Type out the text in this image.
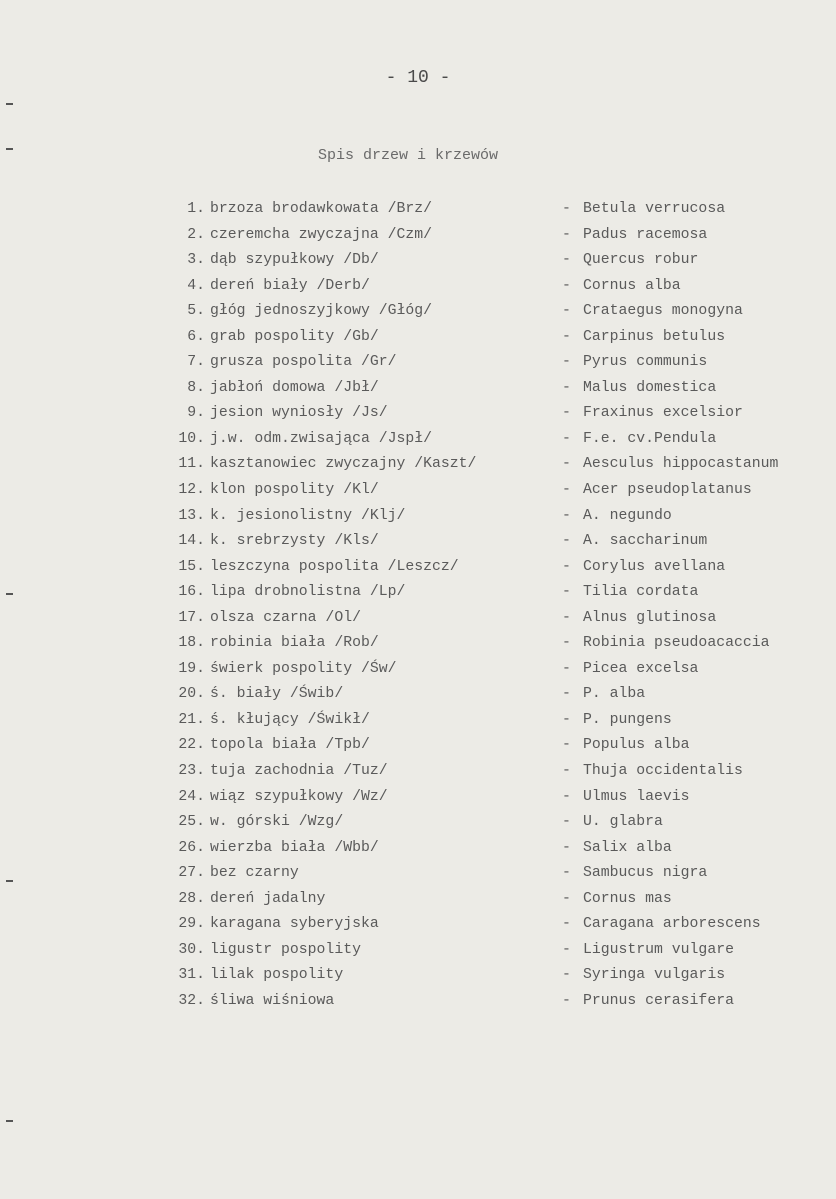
- 10 -
Spis drzew i krzewów
1. brzoza brodawkowata /Brz/	- Betula verrucosa
2. czeremcha zwyczajna /Czm/	- Padus racemosa
3. dąb szypułkowy /Db/	- Quercus robur
4. dereń biały /Derb/	- Cornus alba
5. głóg jednoszyjkowy /Głóg/	- Crataegus monogyna
6. grab pospolity /Gb/	- Carpinus betulus
7. grusza pospolita /Gr/	- Pyrus communis
8. jabłoń domowa /Jbł/	- Malus domestica
9. jesion wyniosły /Js/	- Fraxinus excelsior
10. j.w. odm.zwisająca /Jspł/	- F.e. cv.Pendula
11. kasztanowiec zwyczajny /Kaszt/	- Aesculus hippocastanum
12. klon pospolity /Kl/	- Acer pseudoplatanus
13. k. jesionolistny /Klj/	- A. negundo
14. k. srebrzysty /Kls/	- A. saccharinum
15. leszczyna pospolita /Leszcz/	- Corylus avellana
16. lipa drobnolistna /Lp/	- Tilia cordata
17. olsza czarna /Ol/	- Alnus glutinosa
18. robinia biała /Rob/	- Robinia pseudoacaccia
19. świerk pospolity /Św/	- Picea excelsa
20. ś. biały /Świb/	- P. alba
21. ś. kłujący /Świkł/	- P. pungens
22. topola biała /Tpb/	- Populus alba
23. tuja zachodnia /Tuz/	- Thuja occidentalis
24. wiąz szypułkowy /Wz/	- Ulmus laevis
25. w. górski /Wzg/	- U. glabra
26. wierzba biała /Wbb/	- Salix alba
27. bez czarny	- Sambucus nigra
28. dereń jadalny	- Cornus mas
29. karagana syberyjska	- Caragana arborescens
30. ligustr pospolity	- Ligustrum vulgare
31. lilak pospolity	- Syringa vulgaris
32. śliwa wiśniowa	- Prunus cerasifera
